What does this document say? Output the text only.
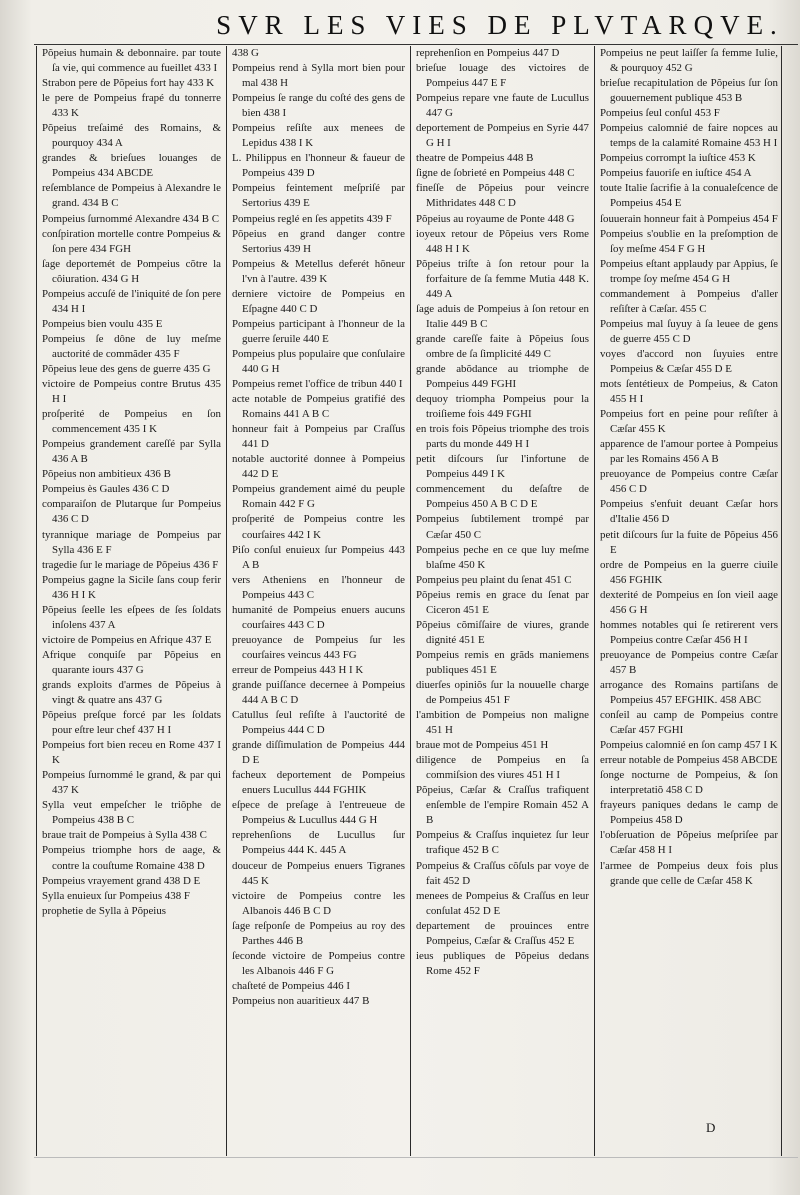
SVR LES VIES DE PLVTARQVE.
Põpeius humain & debonnaire. par toute ſa vie, qui commence au fueillet 433 I
Strabon pere de Põpeius fort hay 433 K
le pere de Pompeius frapé du tonnerre 433 K
Põpeius treſaimé des Romains, & pourquoy 434 A
grandes & brieſues louanges de Pompeius 434 ABCDE
reſemblance de Pompeius à Alexandre le grand. 434 B C
Pompeius ſurnommé Alexandre 434 B C
conſpiration mortelle contre Pompeius & ſon pere 434 FGH
ſage deportemét de Pompeius cõtre la côiuration. 434 G H
Pompeius accuſé de l'iniquité de ſon pere 434 H I
Pompeius bien voulu 435 E
Pompeius ſe dône de luy meſme auctorité de commãder 435 F
Põpeius leue des gens de guerre 435 G
victoire de Pompeius contre Brutus 435 H I
proſperité de Pompeius en ſon commencement 435 I K
Pompeius grandement careſſé par Sylla 436 A B
Põpeius non ambitieux 436 B
Pompeius ès Gaules 436 C D
comparaiſon de Plutarque ſur Pompeius 436 C D
tyrannique mariage de Pompeius par Sylla 436 E F
tragedie ſur le mariage de Põpeius 436 F
Pompeius gagne la Sicile ſans coup ferir 436 H I K
Põpeius ſeelle les eſpees de ſes ſoldats inſolens 437 A
victoire de Pompeius en Afrique 437 E
Afrique conquiſe par Põpeius en quarante iours 437 G
grands exploits d'armes de Põpeius à vingt & quatre ans 437 G
Põpeius preſque forcé par les ſoldats pour eſtre leur chef 437 H I
Pompeius fort bien receu en Rome 437 I K
Pompeius ſurnommé le grand, & par qui 437 K
Sylla veut empeſcher le triõphe de Pompeius 438 B C
braue trait de Pompeius à Sylla 438 C
Pompeius triomphe hors de aage, & contre la couſtume Romaine 438 D
Pompeius vrayement grand 438 D E
Sylla enuieux ſur Pompeius 438 F
prophetie de Sylla à Põpeius
438 G
Pompeius rend à Sylla mort bien pour mal 438 H
Pompeius ſe range du coſté des gens de bien 438 I
Pompeius reſiſte aux menees de Lepidus 438 I K
L. Philippus en l'honneur & faueur de Pompeius 439 D
Pompeius feintement meſpriſé par Sertorius 439 E
Pompeius reglé en ſes appetits 439 F
Põpeius en grand danger contre Sertorius 439 H
Pompeius & Metellus deferét hõneur l'vn à l'autre. 439 K
derniere victoire de Pompeius en Eſpagne 440 C D
Pompeius participant à l'honneur de la guerre ſeruile 440 E
Pompeius plus populaire que conſulaire 440 G H
Pompeius remet l'office de tribun 440 I
acte notable de Pompeius gratifié des Romains 441 A B C
honneur fait à Pompeius par Craſſus 441 D
notable auctorité donnee à Pompeius 442 D E
Pompeius grandement aimé du peuple Romain 442 F G
proſperité de Pompeius contre les courſaires 442 I K
Piſo conſul enuieux ſur Pompeius 443 A B
vers Atheniens en l'honneur de Pompeius 443 C
humanité de Pompeius enuers aucuns courſaires 443 C D
preuoyance de Pompeius ſur les courſaires veincus 443 FG
erreur de Pompeius 443 H I K
grande puiſſance decernee à Pompeius 444 A B C D
Catullus ſeul reſiſte à l'auctorité de Pompeius 444 C D
grande diſſimulation de Pompeius 444 D E
facheux deportement de Pompeius enuers Lucullus 444 FGHIK
eſpece de preſage à l'entreueue de Pompeius & Lucullus 444 G H
reprehenſions de Lucullus ſur Pompeius 444 K. 445 A
douceur de Pompeius enuers Tigranes 445 K
victoire de Pompeius contre les Albanois 446 B C D
ſage reſponſe de Pompeius au roy des Parthes 446 B
ſeconde victoire de Pompeius contre les Albanois 446 F G
chaſteté de Pompeius 446 I
Pompeius non auaritieux 447 B
reprehenſion en Pompeius 447 D
brieſue louage des victoires de Pompeius 447 E F
Pompeius repare vne faute de Lucullus 447 G
deportement de Pompeius en Syrie 447 G H I
theatre de Pompeius 448 B
ſigne de ſobrieté en Pompeius 448 C
fineſſe de Põpeius pour veincre Mithridates 448 C D
Põpeius au royaume de Ponte 448 G
ioyeux retour de Põpeius vers Rome 448 H I K
Põpeius triſte à ſon retour pour la forfaiture de ſa femme Mutia 448 K. 449 A
ſage aduis de Pompeius à ſon retour en Italie 449 B C
grande careſſe faite à Põpeius ſous ombre de ſa ſimplicité 449 C
grande abõdance au triomphe de Pompeius 449 FGHI
dequoy triompha Pompeius pour la troiſieme fois 449 FGHI
en trois fois Põpeius triomphe des trois parts du monde 449 H I
petit diſcours ſur l'infortune de Pompeius 449 I K
commencement du deſaſtre de Pompeius 450 A B C D E
Pompeius ſubtilement trompé par Cæſar 450 C
Pompeius peche en ce que luy meſme blaſme 450 K
Pompeius peu plaint du ſenat 451 C
Põpeius remis en grace du ſenat par Ciceron 451 E
Põpeius cõmiſſaire de viures, grande dignité 451 E
Pompeius remis en grãds maniemens publiques 451 E
diuerſes opiniõs ſur la nouuelle charge de Pompeius 451 F
l'ambition de Pompeius non maligne 451 H
braue mot de Pompeius 451 H
diligence de Pompeius en ſa commiſsion des viures 451 H I
Põpeius, Cæſar & Craſſus trafiquent enſemble de l'empire Romain 452 A B
Pompeius & Craſſus inquietez ſur leur trafique 452 B C
Pompeius & Craſſus cõſuls par voye de fait 452 D
menees de Pompeius & Craſſus en leur conſulat 452 D E
departement de prouinces entre Pompeius, Cæſar & Craſſus 452 E
ieus publiques de Põpeius dedans Rome 452 F
Pompeius ne peut laiſſer ſa femme Iulie, & pourquoy 452 G
brieſue recapitulation de Põpeius ſur ſon gouuernement publique 453 B
Pompeius ſeul conſul 453 F
Pompeius calomnié de faire nopces au temps de la calamité Romaine 453 H I
Pompeius corrompt la iuſtice 453 K
Pompeius fauoriſe en iuſtice 454 A
toute Italie ſacrifie à la conualeſcence de Pompeius 454 E
ſouuerain honneur fait à Pompeius 454 F
Pompeius s'oublie en la preſomption de ſoy meſme 454 F G H
Pompeius eſtant applaudy par Appius, ſe trompe ſoy meſme 454 G H
commandement à Pompeius d'aller reſiſter à Cæſar. 455 C
Pompeius mal ſuyuy à ſa leuee de gens de guerre 455 C D
voyes d'accord non ſuyuies entre Pompeius & Cæſar 455 D E
mots ſentétieux de Pompeius, & Caton 455 H I
Pompeius fort en peine pour reſiſter à Cæſar 455 K
apparence de l'amour portee à Pompeius par les Romains 456 A B
preuoyance de Pompeius contre Cæſar 456 C D
Pompeius s'enfuit deuant Cæſar hors d'Italie 456 D
petit diſcours ſur la fuite de Põpeius 456 E
ordre de Pompeius en la guerre ciuile 456 FGHIK
dexterité de Pompeius en ſon vieil aage 456 G H
hommes notables qui ſe retirerent vers Pompeius contre Cæſar 456 H I
preuoyance de Pompeius contre Cæſar 457 B
arrogance des Romains partiſans de Pompeius 457 EFGHIK. 458 ABC
conſeil au camp de Pompeius contre Cæſar 457 FGHI
Pompeius calomnié en ſon camp 457 I K
erreur notable de Pompeius 458 ABCDE
ſonge nocturne de Pompeius, & ſon interpretatiõ 458 C D
frayeurs paniques dedans le camp de Pompeius 458 D
l'obſeruation de Põpeius meſpriſee par Cæſar 458 H I
l'armee de Pompeius deux fois plus grande que celle de Cæſar 458 K
D
